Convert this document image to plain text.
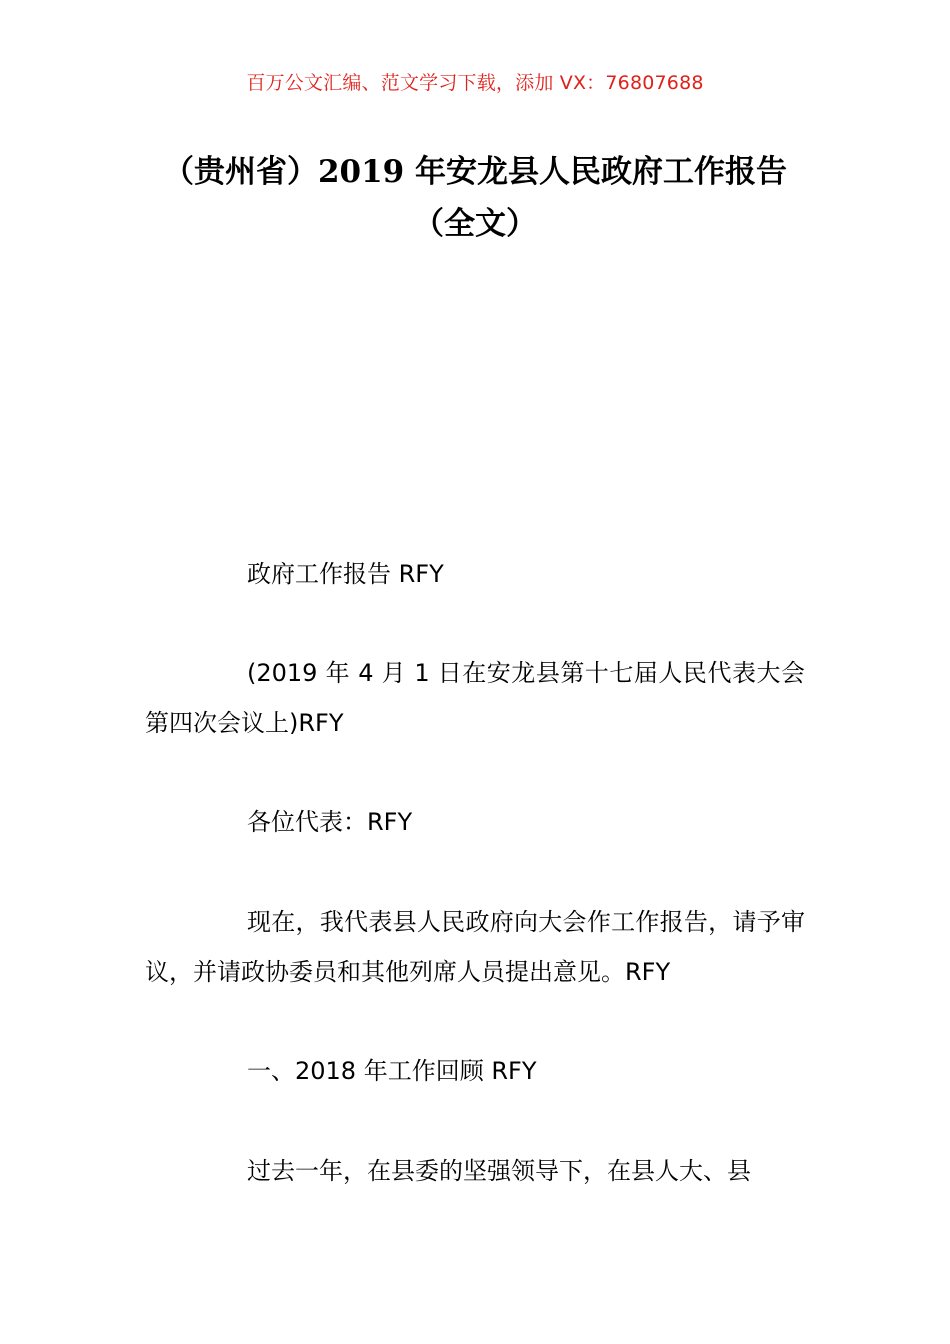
百万公文汇编、范文学习下载，添加 VX：76807688
（贵州省）2019 年安龙县人民政府工作报告（全文）

政府工作报告 RFY

(2019 年 4 月 1 日在安龙县第十七届人民代表大会第四次会议上)RFY

各位代表：RFY

现在，我代表县人民政府向大会作工作报告，请予审议，并请政协委员和其他列席人员提出意见。RFY

一、2018 年工作回顾 RFY

过去一年，在县委的坚强领导下，在县人大、县
